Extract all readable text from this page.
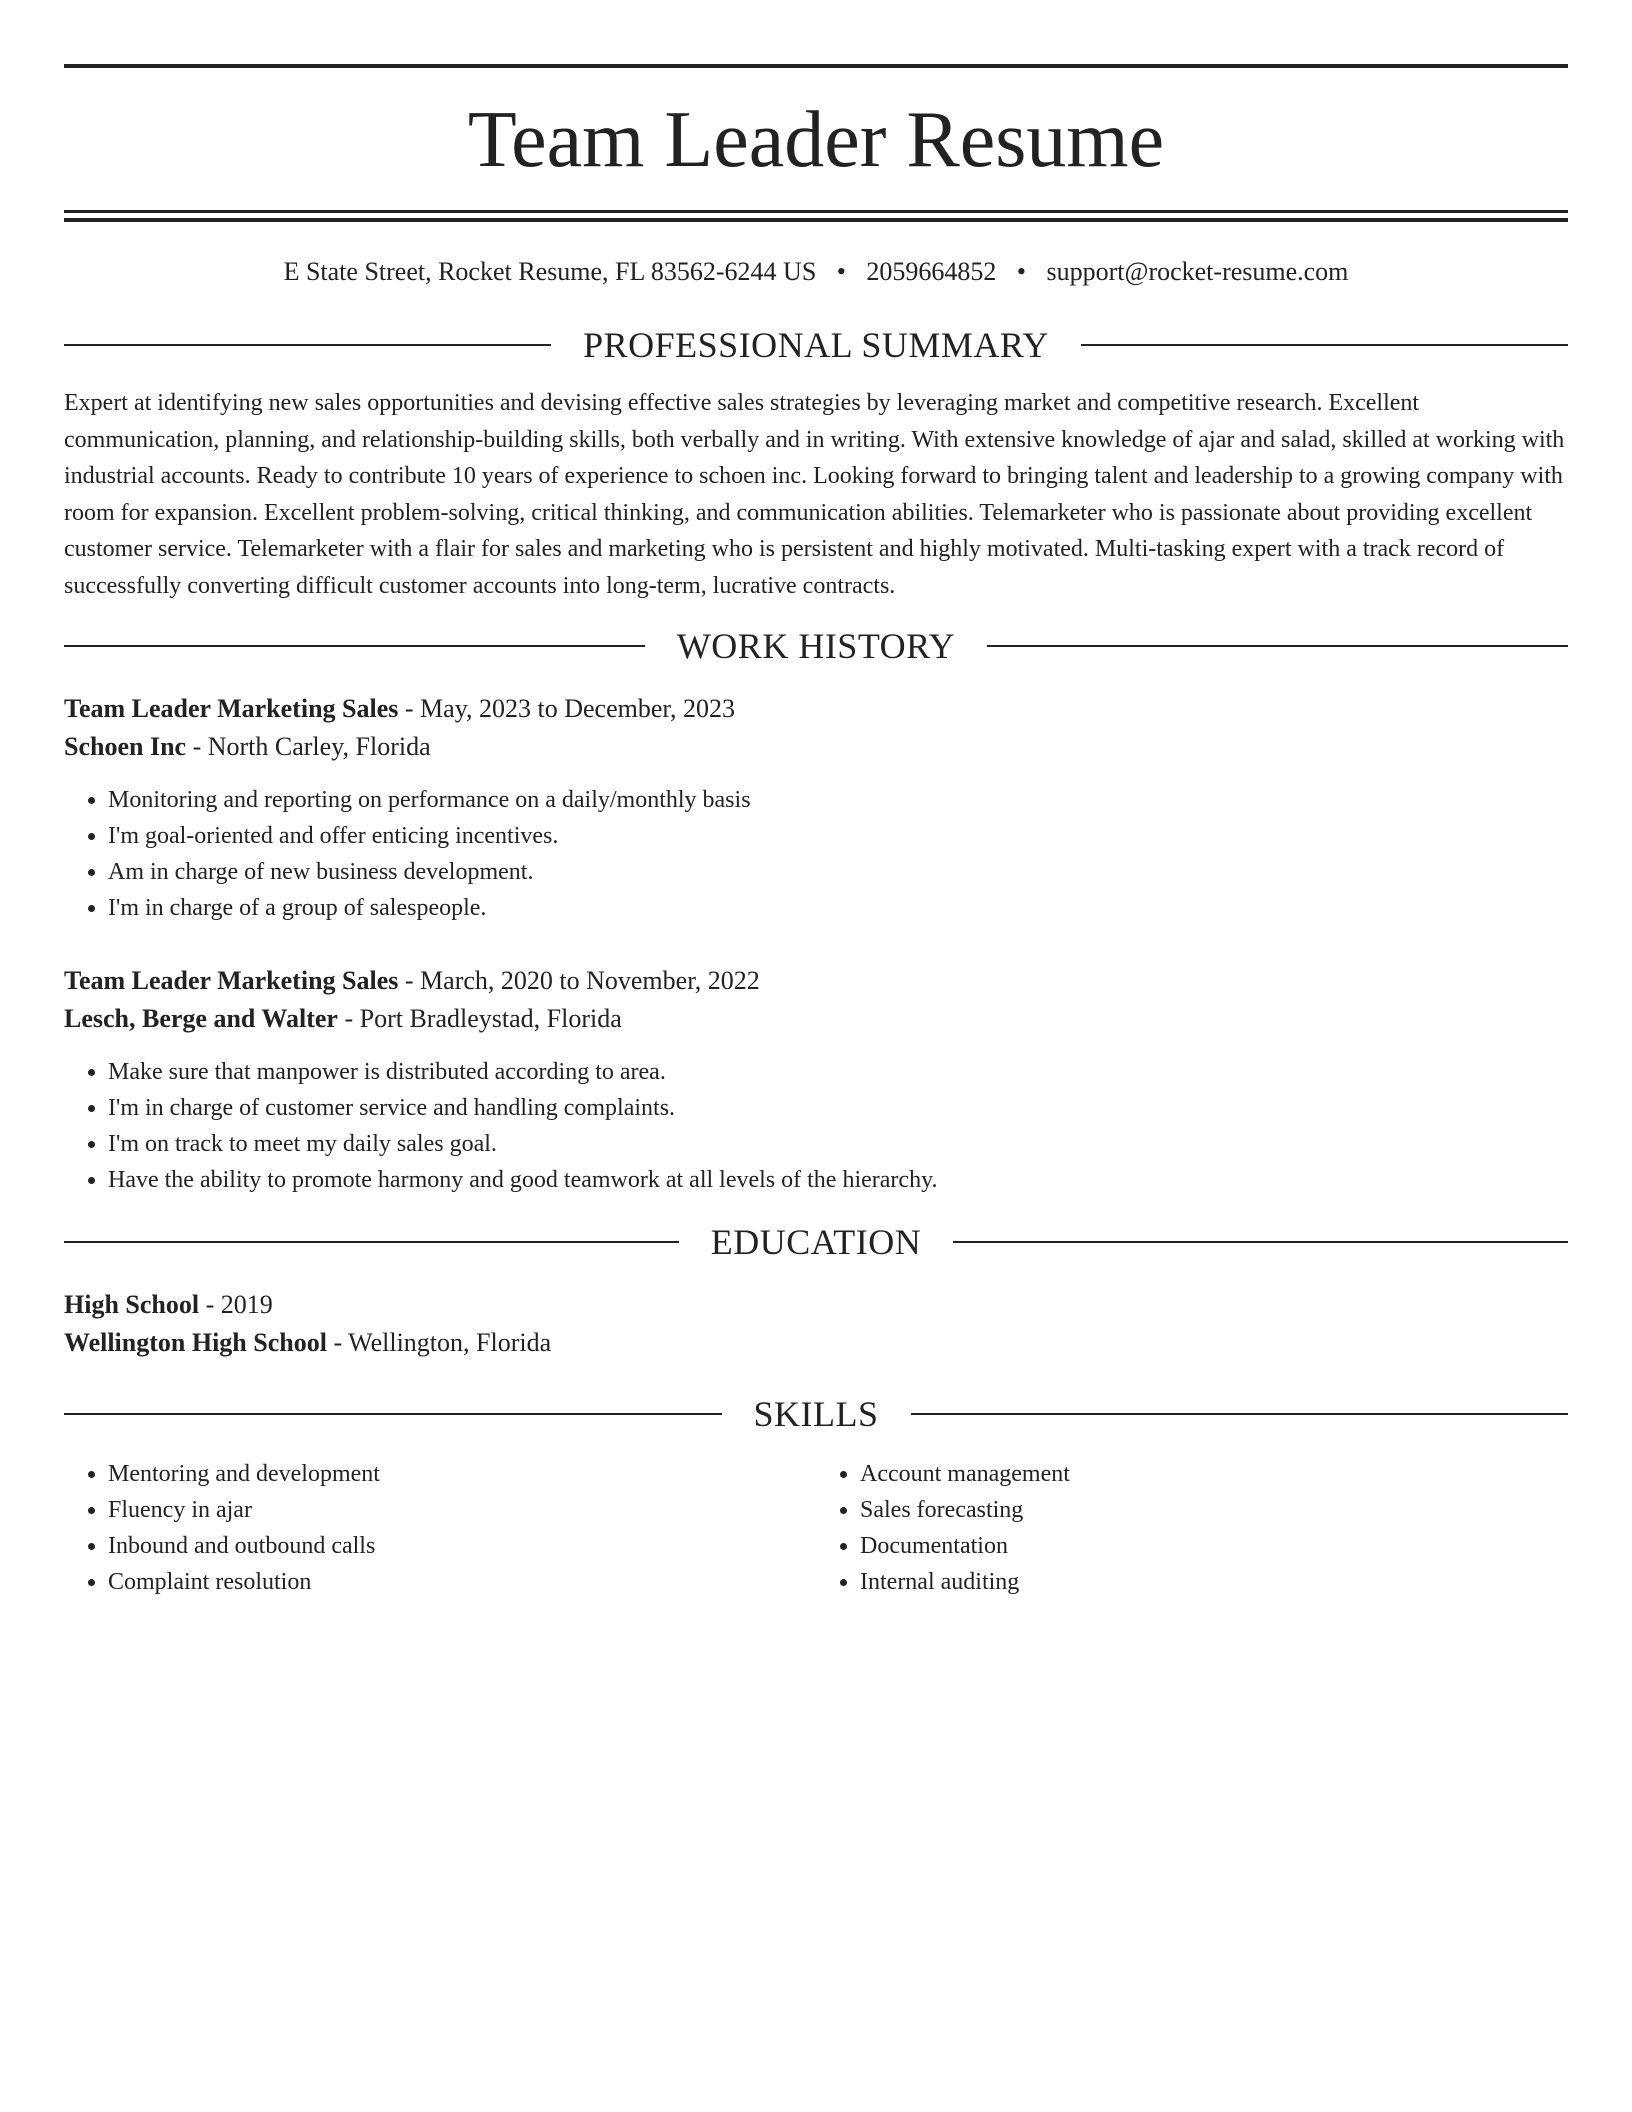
Team Leader Resume
E State Street, Rocket Resume, FL 83562-6244 US • 2059664852 • support@rocket-resume.com
PROFESSIONAL SUMMARY

Expert at identifying new sales opportunities and devising effective sales strategies by leveraging market and competitive research. Excellent communication, planning, and relationship-building skills, both verbally and in writing. With extensive knowledge of ajar and salad, skilled at working with industrial accounts. Ready to contribute 10 years of experience to schoen inc. Looking forward to bringing talent and leadership to a growing company with room for expansion. Excellent problem-solving, critical thinking, and communication abilities. Telemarketer who is passionate about providing excellent customer service. Telemarketer with a flair for sales and marketing who is persistent and highly motivated. Multi-tasking expert with a track record of successfully converting difficult customer accounts into long-term, lucrative contracts.

WORK HISTORY
Team Leader Marketing Sales - May, 2023 to December, 2023
Schoen Inc - North Carley, Florida
• Monitoring and reporting on performance on a daily/monthly basis
• I'm goal-oriented and offer enticing incentives.
• Am in charge of new business development.
• I'm in charge of a group of salespeople.
Team Leader Marketing Sales - March, 2020 to November, 2022
Lesch, Berge and Walter - Port Bradleystad, Florida
• Make sure that manpower is distributed according to area.
• I'm in charge of customer service and handling complaints.
• I'm on track to meet my daily sales goal.
• Have the ability to promote harmony and good teamwork at all levels of the hierarchy.
EDUCATION
High School - 2019
Wellington High School - Wellington, Florida
SKILLS
• Mentoring and development
• Fluency in ajar
• Inbound and outbound calls
• Complaint resolution
• Account management
• Sales forecasting
• Documentation
• Internal auditing
